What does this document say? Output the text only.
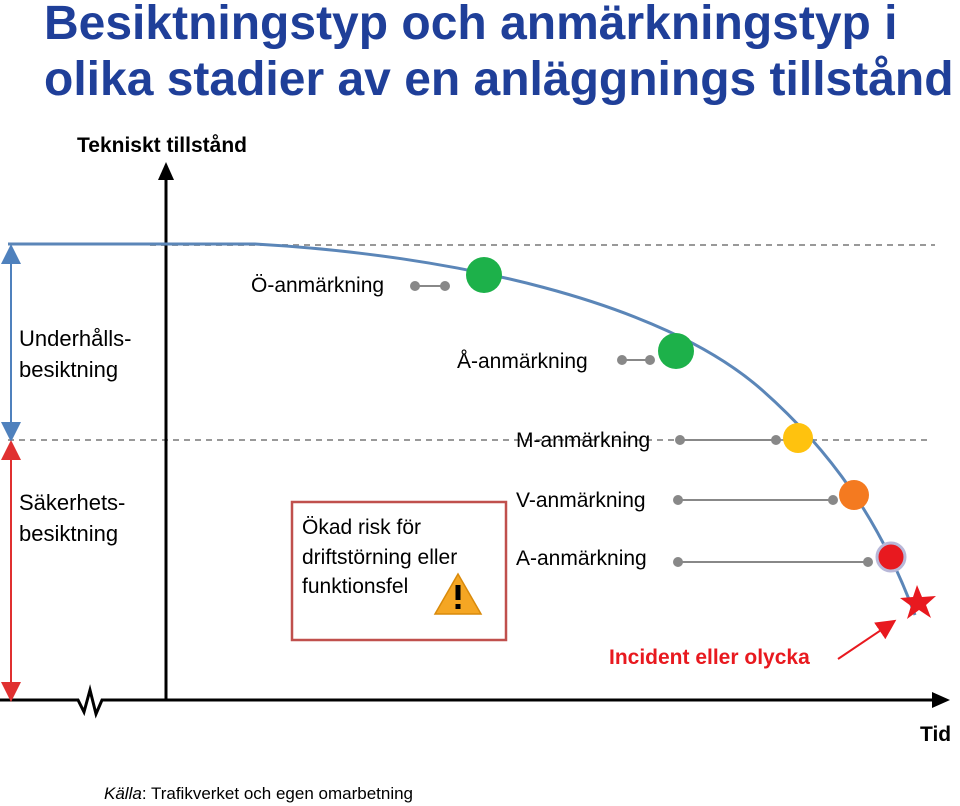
Besiktningstyp och anmärkningstyp i
olika stadier av en anläggnings tillstånd
Tekniskt tillstånd
Tid
Underhålls- besiktning
Säkerhets- besiktning
Ö-anmärkning
Å-anmärkning
M-anmärkning
V-anmärkning
A-anmärkning
Ökad risk för driftstörning eller funktionsfel
Incident eller olycka
Källa: Trafikverket och egen omarbetning
